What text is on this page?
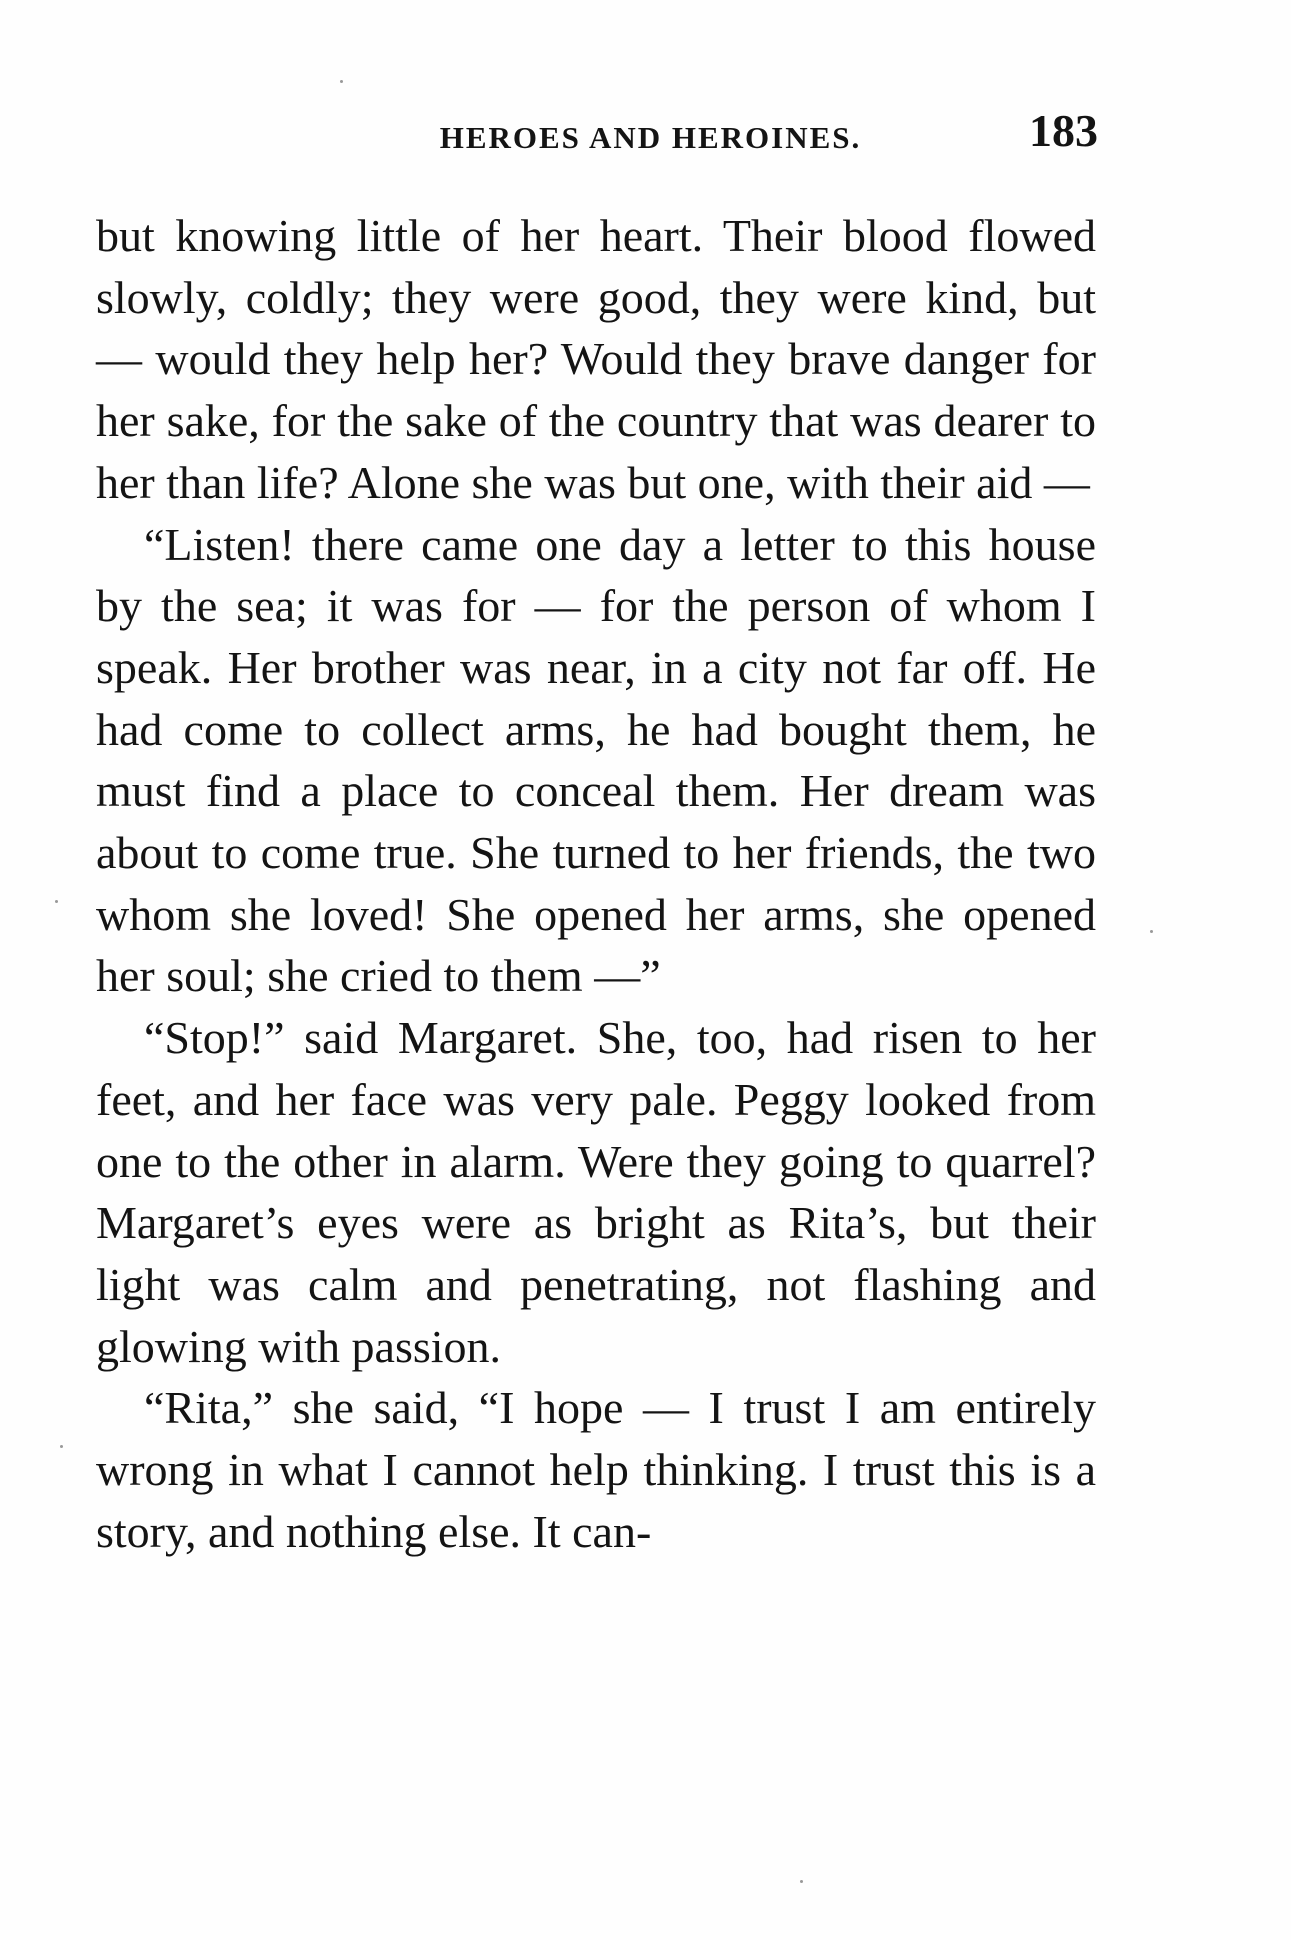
HEROES AND HEROINES.	183

but knowing little of her heart. Their blood flowed slowly, coldly; they were good, they were kind, but — would they help her? Would they brave danger for her sake, for the sake of the country that was dearer to her than life? Alone she was but one, with their aid —

“Listen! there came one day a letter to this house by the sea; it was for — for the person of whom I speak. Her brother was near, in a city not far off. He had come to collect arms, he had bought them, he must find a place to conceal them. Her dream was about to come true. She turned to her friends, the two whom she loved! She opened her arms, she opened her soul; she cried to them —”

“Stop!” said Margaret. She, too, had risen to her feet, and her face was very pale. Peggy looked from one to the other in alarm. Were they going to quarrel? Margaret’s eyes were as bright as Rita’s, but their light was calm and penetrating, not flashing and glowing with passion.

“Rita,” she said, “I hope — I trust I am entirely wrong in what I cannot help thinking. I trust this is a story, and nothing else. It can-
